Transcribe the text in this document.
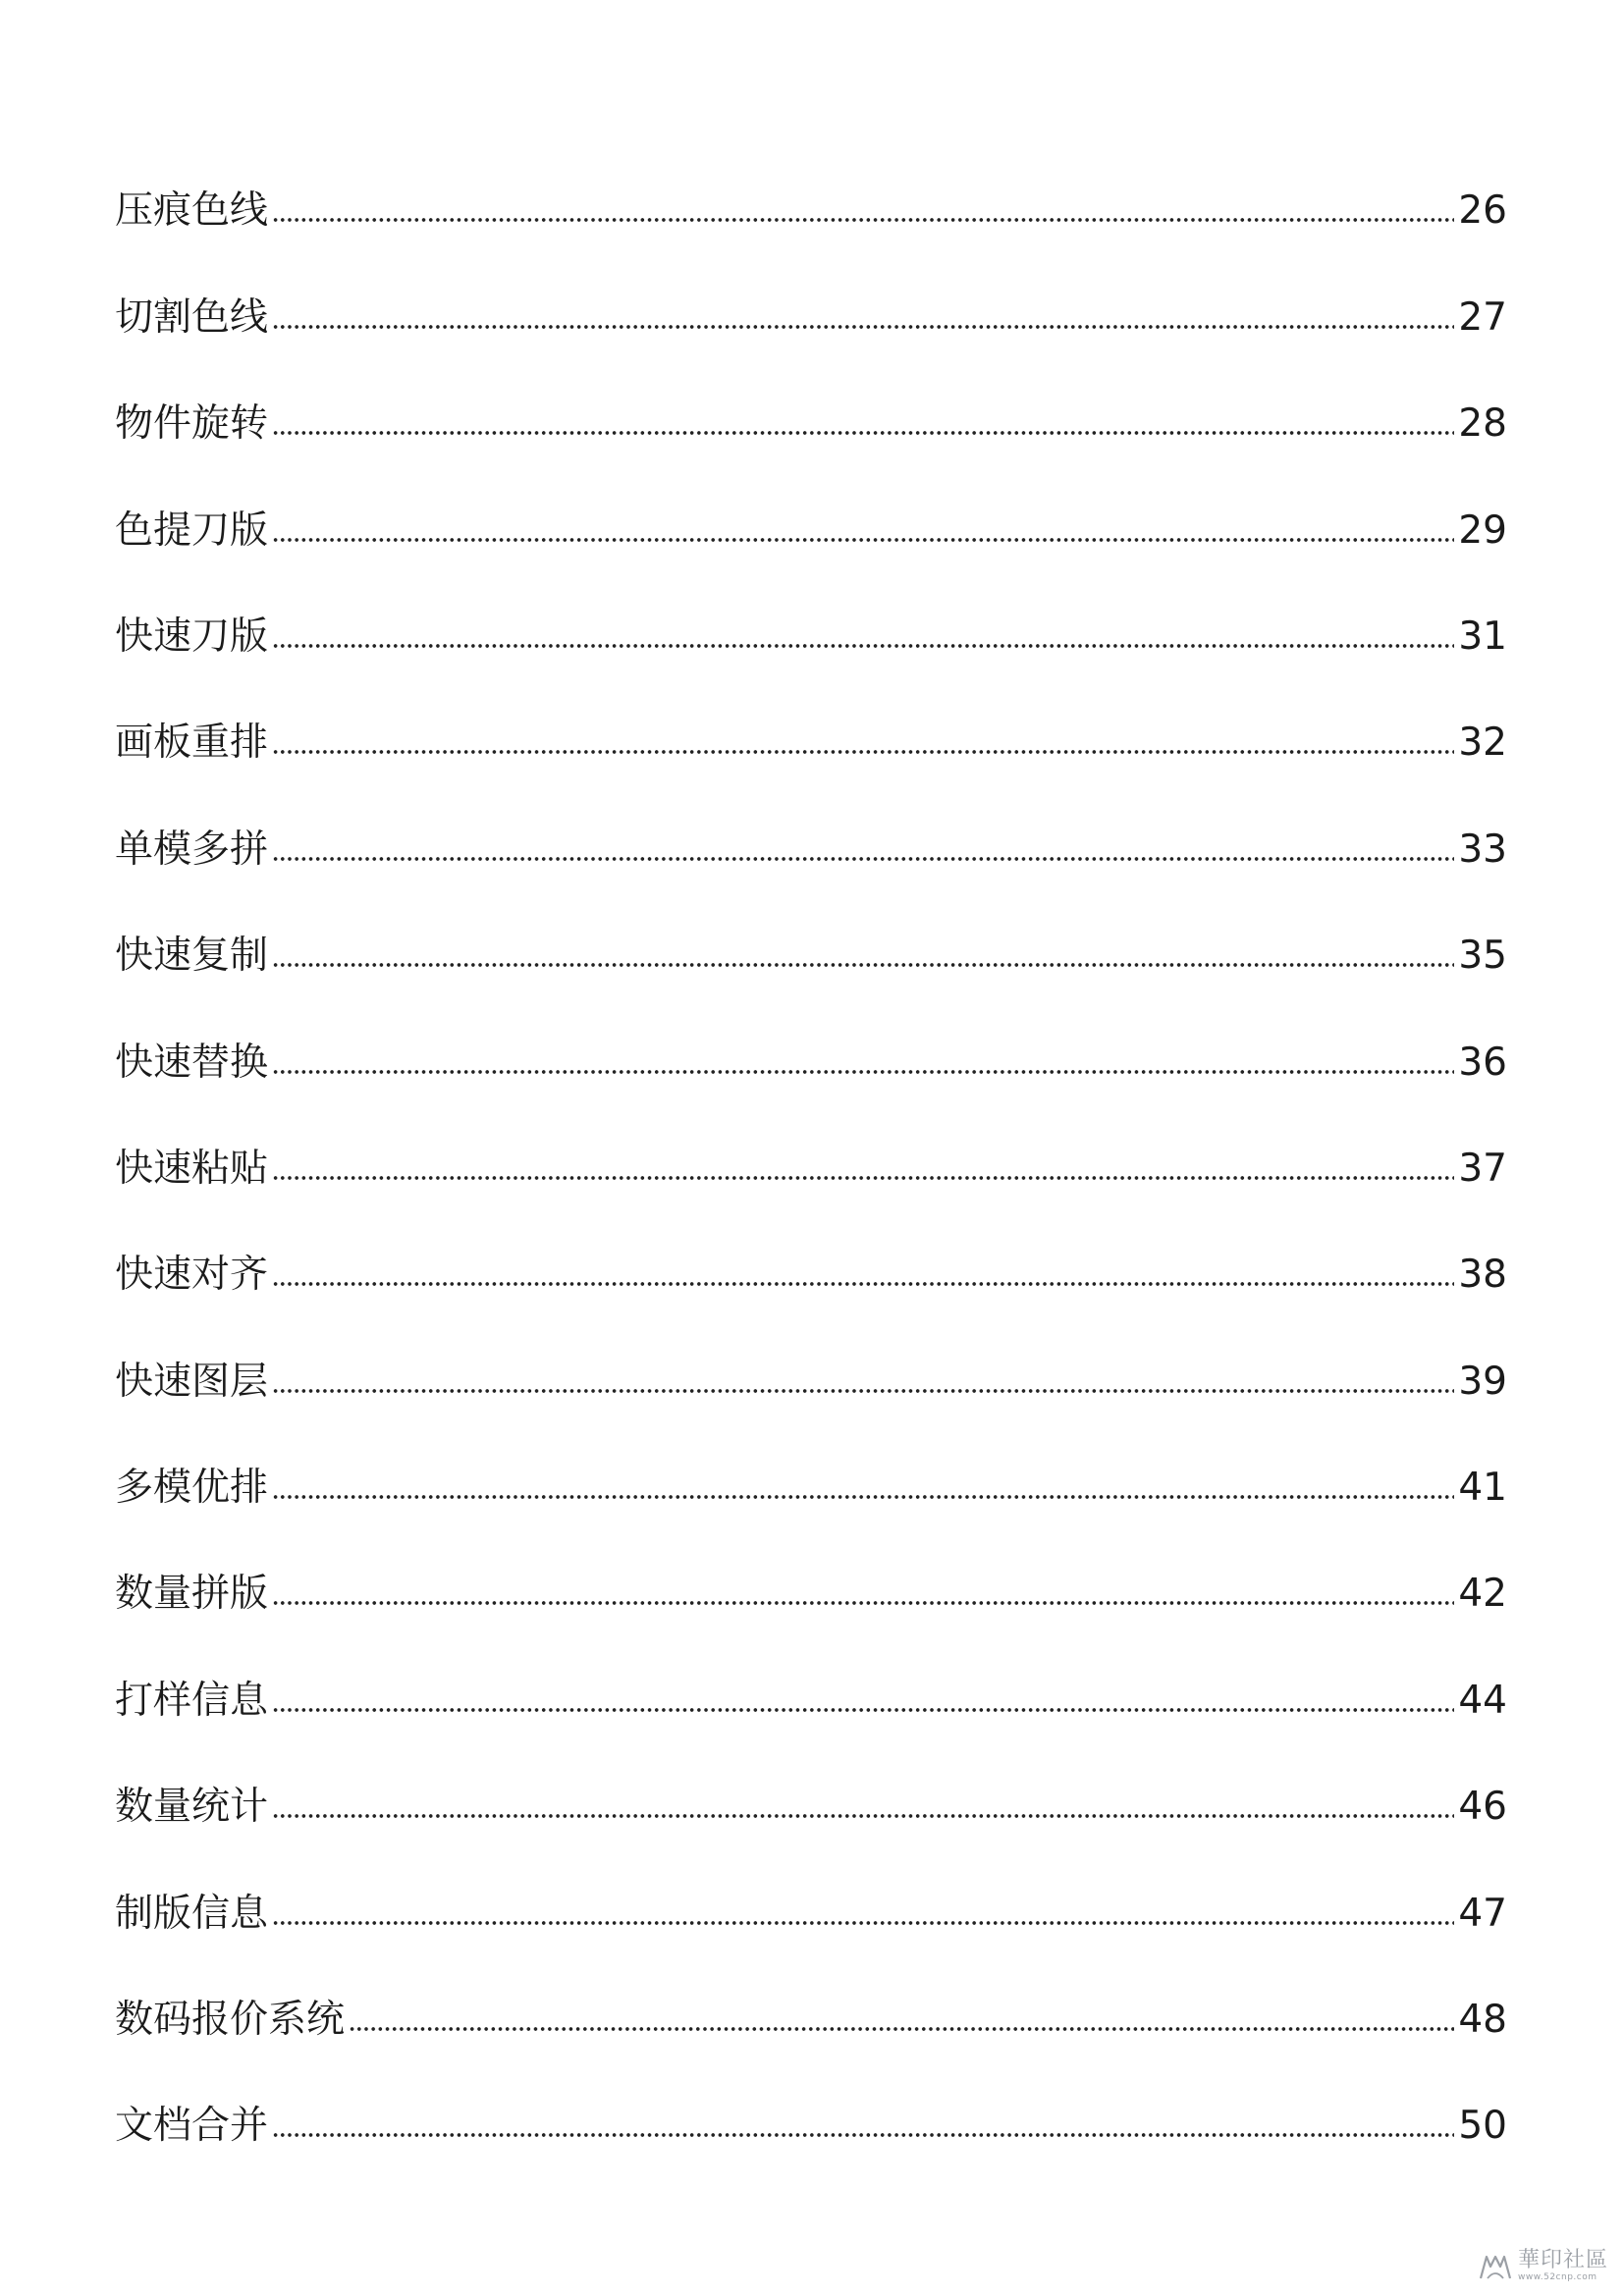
压痕色线	26
切割色线	27
物件旋转	28
色提刀版	29
快速刀版	31
画板重排	32
单模多拼	33
快速复制	35
快速替换	36
快速粘贴	37
快速对齐	38
快速图层	39
多模优排	41
数量拼版	42
打样信息	44
数量统计	46
制版信息	47
数码报价系统	48
文档合并	50
華印社區
www.52cnp.com
